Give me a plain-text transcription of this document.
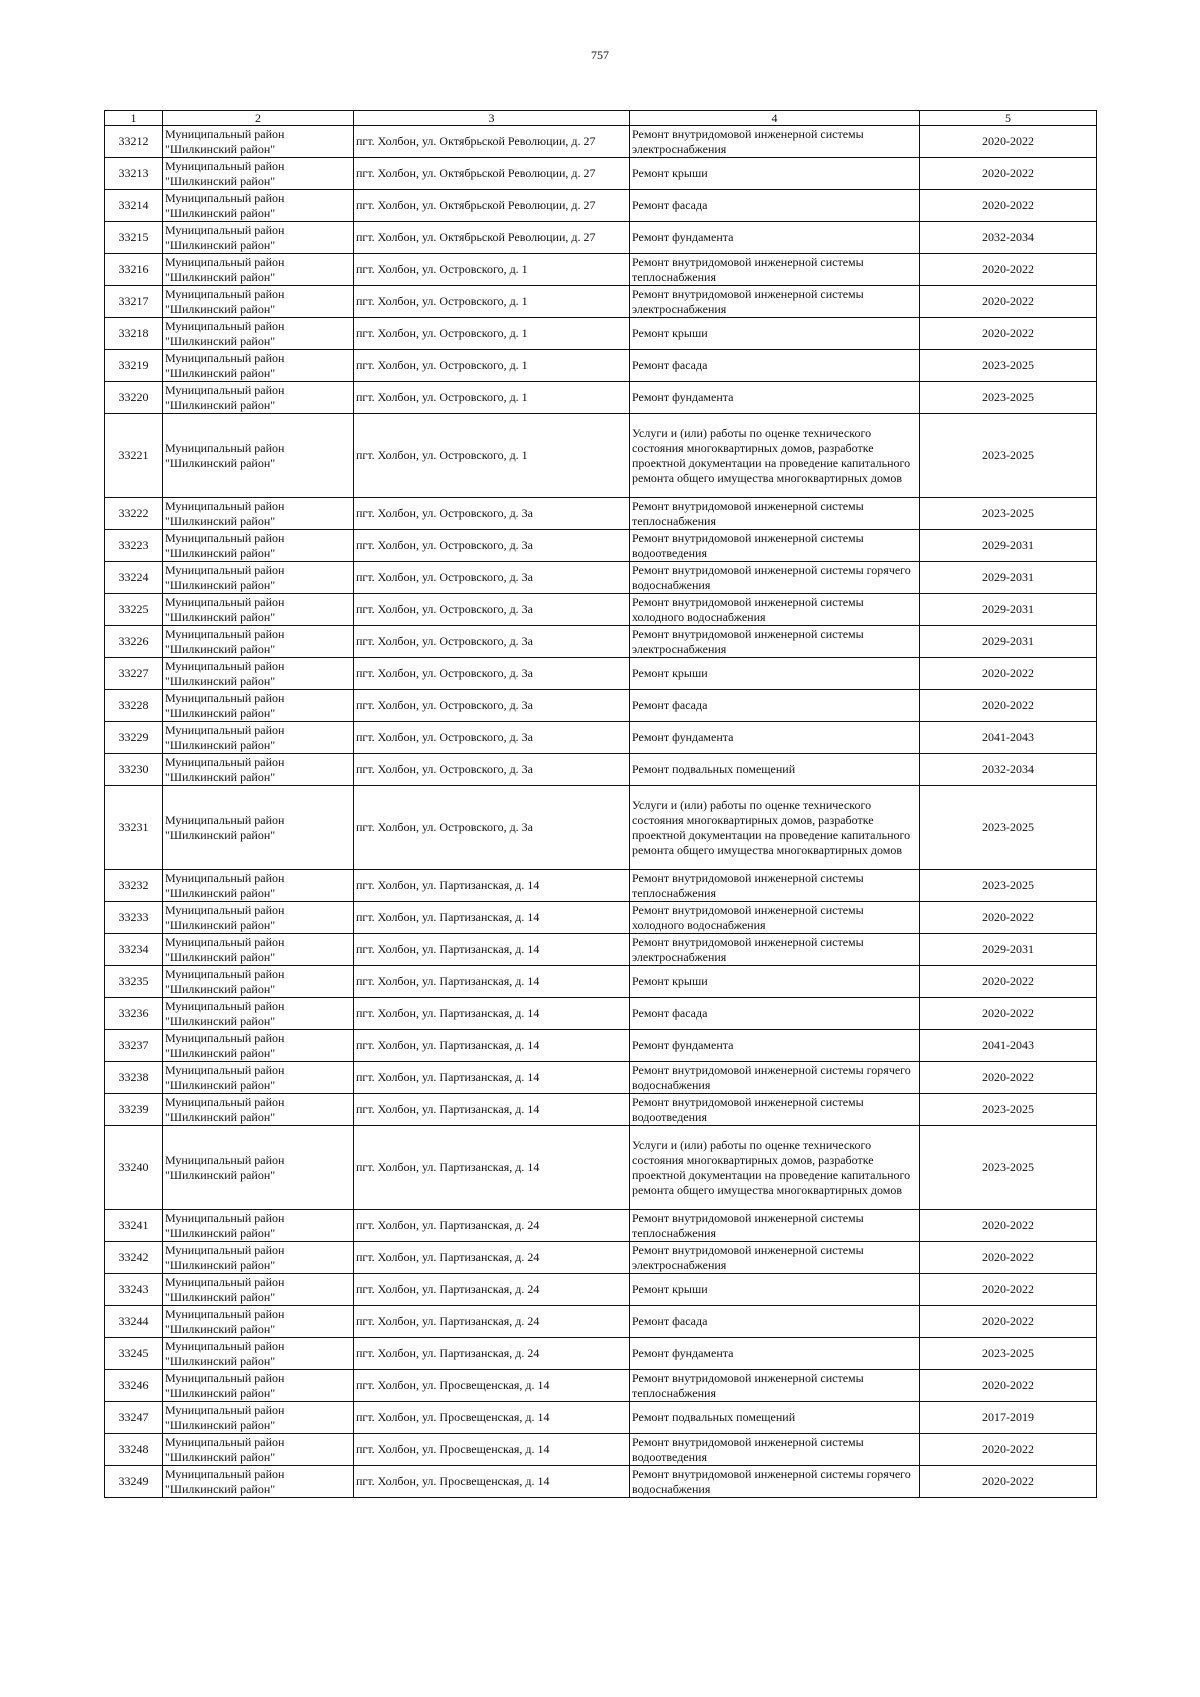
757
1	2	3	4	5
33212	Муниципальный район "Шилкинский район"	пгт. Холбон, ул. Октябрьской Революции, д. 27	Ремонт внутридомовой инженерной системы электроснабжения	2020-2022
33213	Муниципальный район "Шилкинский район"	пгт. Холбон, ул. Октябрьской Революции, д. 27	Ремонт крыши	2020-2022
33214	Муниципальный район "Шилкинский район"	пгт. Холбон, ул. Октябрьской Революции, д. 27	Ремонт фасада	2020-2022
33215	Муниципальный район "Шилкинский район"	пгт. Холбон, ул. Октябрьской Революции, д. 27	Ремонт фундамента	2032-2034
33216	Муниципальный район "Шилкинский район"	пгт. Холбон, ул. Островского, д. 1	Ремонт внутридомовой инженерной системы теплоснабжения	2020-2022
33217	Муниципальный район "Шилкинский район"	пгт. Холбон, ул. Островского, д. 1	Ремонт внутридомовой инженерной системы электроснабжения	2020-2022
33218	Муниципальный район "Шилкинский район"	пгт. Холбон, ул. Островского, д. 1	Ремонт крыши	2020-2022
33219	Муниципальный район "Шилкинский район"	пгт. Холбон, ул. Островского, д. 1	Ремонт фасада	2023-2025
33220	Муниципальный район "Шилкинский район"	пгт. Холбон, ул. Островского, д. 1	Ремонт фундамента	2023-2025
33221	Муниципальный район "Шилкинский район"	пгт. Холбон, ул. Островского, д. 1	Услуги и (или) работы по оценке технического состояния многоквартирных домов, разработке проектной документации на проведение капитального ремонта общего имущества многоквартирных домов	2023-2025
33222	Муниципальный район "Шилкинский район"	пгт. Холбон, ул. Островского, д. 3а	Ремонт внутридомовой инженерной системы теплоснабжения	2023-2025
33223	Муниципальный район "Шилкинский район"	пгт. Холбон, ул. Островского, д. 3а	Ремонт внутридомовой инженерной системы водоотведения	2029-2031
33224	Муниципальный район "Шилкинский район"	пгт. Холбон, ул. Островского, д. 3а	Ремонт внутридомовой инженерной системы горячего водоснабжения	2029-2031
33225	Муниципальный район "Шилкинский район"	пгт. Холбон, ул. Островского, д. 3а	Ремонт внутридомовой инженерной системы холодного водоснабжения	2029-2031
33226	Муниципальный район "Шилкинский район"	пгт. Холбон, ул. Островского, д. 3а	Ремонт внутридомовой инженерной системы электроснабжения	2029-2031
33227	Муниципальный район "Шилкинский район"	пгт. Холбон, ул. Островского, д. 3а	Ремонт крыши	2020-2022
33228	Муниципальный район "Шилкинский район"	пгт. Холбон, ул. Островского, д. 3а	Ремонт фасада	2020-2022
33229	Муниципальный район "Шилкинский район"	пгт. Холбон, ул. Островского, д. 3а	Ремонт фундамента	2041-2043
33230	Муниципальный район "Шилкинский район"	пгт. Холбон, ул. Островского, д. 3а	Ремонт подвальных помещений	2032-2034
33231	Муниципальный район "Шилкинский район"	пгт. Холбон, ул. Островского, д. 3а	Услуги и (или) работы по оценке технического состояния многоквартирных домов, разработке проектной документации на проведение капитального ремонта общего имущества многоквартирных домов	2023-2025
33232	Муниципальный район "Шилкинский район"	пгт. Холбон, ул. Партизанская, д. 14	Ремонт внутридомовой инженерной системы теплоснабжения	2023-2025
33233	Муниципальный район "Шилкинский район"	пгт. Холбон, ул. Партизанская, д. 14	Ремонт внутридомовой инженерной системы холодного водоснабжения	2020-2022
33234	Муниципальный район "Шилкинский район"	пгт. Холбон, ул. Партизанская, д. 14	Ремонт внутридомовой инженерной системы электроснабжения	2029-2031
33235	Муниципальный район "Шилкинский район"	пгт. Холбон, ул. Партизанская, д. 14	Ремонт крыши	2020-2022
33236	Муниципальный район "Шилкинский район"	пгт. Холбон, ул. Партизанская, д. 14	Ремонт фасада	2020-2022
33237	Муниципальный район "Шилкинский район"	пгт. Холбон, ул. Партизанская, д. 14	Ремонт фундамента	2041-2043
33238	Муниципальный район "Шилкинский район"	пгт. Холбон, ул. Партизанская, д. 14	Ремонт внутридомовой инженерной системы горячего водоснабжения	2020-2022
33239	Муниципальный район "Шилкинский район"	пгт. Холбон, ул. Партизанская, д. 14	Ремонт внутридомовой инженерной системы водоотведения	2023-2025
33240	Муниципальный район "Шилкинский район"	пгт. Холбон, ул. Партизанская, д. 14	Услуги и (или) работы по оценке технического состояния многоквартирных домов, разработке проектной документации на проведение капитального ремонта общего имущества многоквартирных домов	2023-2025
33241	Муниципальный район "Шилкинский район"	пгт. Холбон, ул. Партизанская, д. 24	Ремонт внутридомовой инженерной системы теплоснабжения	2020-2022
33242	Муниципальный район "Шилкинский район"	пгт. Холбон, ул. Партизанская, д. 24	Ремонт внутридомовой инженерной системы электроснабжения	2020-2022
33243	Муниципальный район "Шилкинский район"	пгт. Холбон, ул. Партизанская, д. 24	Ремонт крыши	2020-2022
33244	Муниципальный район "Шилкинский район"	пгт. Холбон, ул. Партизанская, д. 24	Ремонт фасада	2020-2022
33245	Муниципальный район "Шилкинский район"	пгт. Холбон, ул. Партизанская, д. 24	Ремонт фундамента	2023-2025
33246	Муниципальный район "Шилкинский район"	пгт. Холбон, ул. Просвещенская, д. 14	Ремонт внутридомовой инженерной системы теплоснабжения	2020-2022
33247	Муниципальный район "Шилкинский район"	пгт. Холбон, ул. Просвещенская, д. 14	Ремонт подвальных помещений	2017-2019
33248	Муниципальный район "Шилкинский район"	пгт. Холбон, ул. Просвещенская, д. 14	Ремонт внутридомовой инженерной системы водоотведения	2020-2022
33249	Муниципальный район "Шилкинский район"	пгт. Холбон, ул. Просвещенская, д. 14	Ремонт внутридомовой инженерной системы горячего водоснабжения	2020-2022
